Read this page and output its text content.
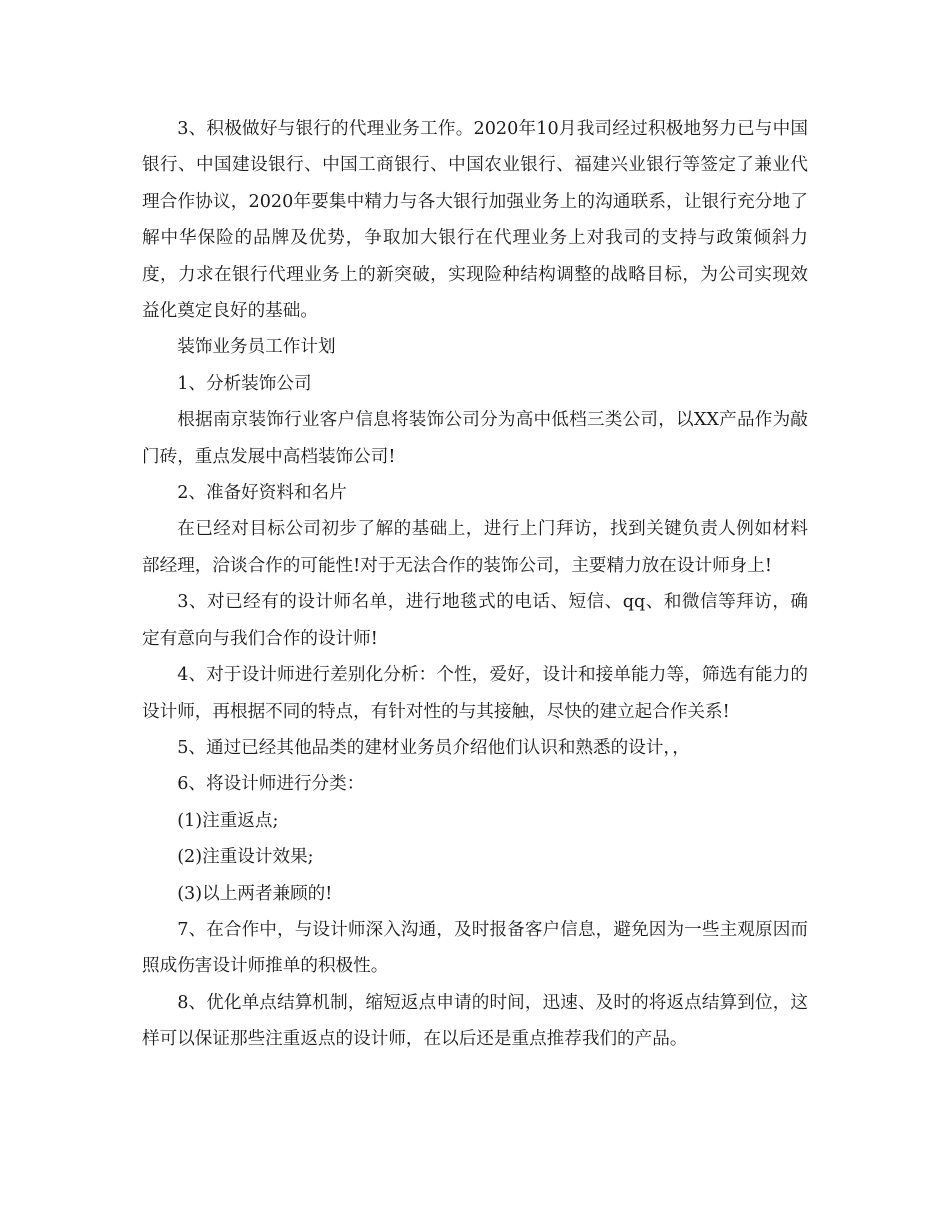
3、积极做好与银行的代理业务工作。2020年10月我司经过积极地努力已与中国银行、中国建设银行、中国工商银行、中国农业银行、福建兴业银行等签定了兼业代理合作协议，2020年要集中精力与各大银行加强业务上的沟通联系，让银行充分地了解中华保险的品牌及优势，争取加大银行在代理业务上对我司的支持与政策倾斜力度，力求在银行代理业务上的新突破，实现险种结构调整的战略目标，为公司实现效益化奠定良好的基础。

装饰业务员工作计划

1、分析装饰公司

根据南京装饰行业客户信息将装饰公司分为高中低档三类公司，以XX产品作为敲门砖，重点发展中高档装饰公司!

2、准备好资料和名片

在已经对目标公司初步了解的基础上，进行上门拜访，找到关键负责人例如材料部经理，洽谈合作的可能性!对于无法合作的装饰公司，主要精力放在设计师身上!

3、对已经有的设计师名单，进行地毯式的电话、短信、qq、和微信等拜访，确定有意向与我们合作的设计师!

4、对于设计师进行差别化分析：个性，爱好，设计和接单能力等，筛选有能力的设计师，再根据不同的特点，有针对性的与其接触，尽快的建立起合作关系!

5、通过已经其他品类的建材业务员介绍他们认识和熟悉的设计，，

6、将设计师进行分类：

(1)注重返点;

(2)注重设计效果;

(3)以上两者兼顾的!

7、在合作中，与设计师深入沟通，及时报备客户信息，避免因为一些主观原因而照成伤害设计师推单的积极性。

8、优化单点结算机制，缩短返点申请的时间，迅速、及时的将返点结算到位，这样可以保证那些注重返点的设计师，在以后还是重点推荐我们的产品。
